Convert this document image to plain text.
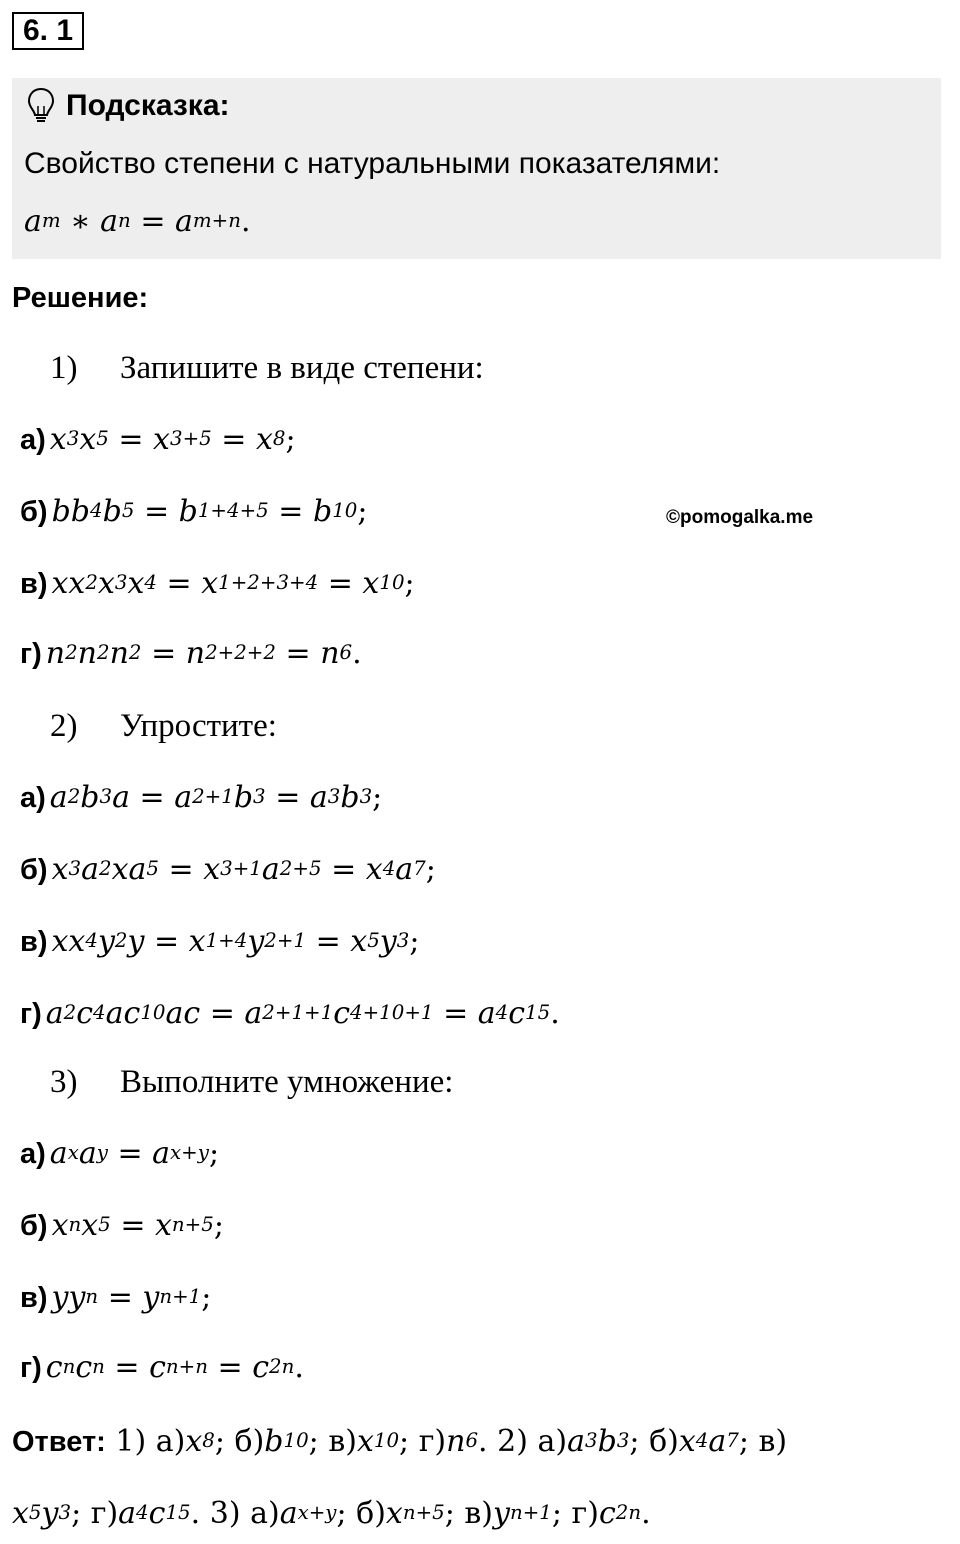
6. 1
Подсказка:
Свойство степени с натуральными показателями:
$a^m$ ∗ $a^n = a^{m+n}$.
Решение:
©pomogalka.me
1) Запишите в виде степени:
а) $x^3x^5 = x^{3+5} = x^8$;
б) $bb^4b^5 = b^{1+4+5} = b^{10}$;
в) $xx^2x^3x^4 = x^{1+2+3+4} = x^{10}$;
г) $n^2n^2n^2 = n^{2+2+2} = n^6$.
2) Упростите:
а) $a^2b^3a = a^{2+1}b^3 = a^3b^3$;
б) $x^3a^2xa^5 = x^{3+1}a^{2+5} = x^4a^7$;
в) $xx^4y^2y = x^{1+4}y^{2+1} = x^5y^3$;
г) $a^2c^4ac^{10}ac = a^{2+1+1}c^{4+10+1} = a^4c^{15}$.
3) Выполните умножение:
а) $a^xa^y = a^{x+y}$;
б) $x^nx^5 = x^{n+5}$;
в) $yy^n = y^{n+1}$;
г) $c^nc^n = c^{n+n} = c^{2n}$.
Ответ: 1) $а)x^8$; $б)b^{10}$; $в)x^{10}$; $г)n^6$. 2) $а)a^3b^3$; $б)x^4a^7$; в)
$x^5y^3$; $г)a^4c^{15}$. 3) $а)a^{x+y}$; $б)x^{n+5}$; $в)y^{n+1}$; $г)c^{2n}$.
